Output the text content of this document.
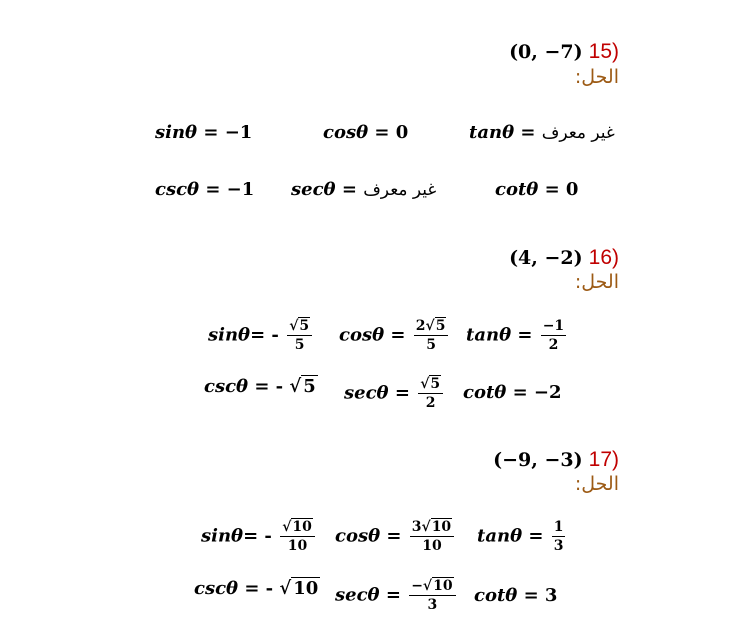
(0, −7) 15)
الحل:
sinθ = −1	cosθ = 0	tanθ = غير معرف
cscθ = −1 secθ = غير معرف	cotθ = 0
(4, −2) 16)
الحل:
$\sin\theta= - \frac{√5}{5}$ $\cos\theta = \frac{2√5}{5}$ $\tan\theta = \frac{-1}{2}$
cscθ = - √ 5 $\sec\theta = \frac{√5}{2}$ cotθ = −2
(−9, −3) 17)
الحل:
$\sin\theta= - \frac{√10}{10}$ $\cos\theta = \frac{3√10}{10}$ $\tan\theta = \frac{1}{3}$
cscθ = - √ 10 $\sec\theta = \frac{-√10}{3}$ cotθ = 3
